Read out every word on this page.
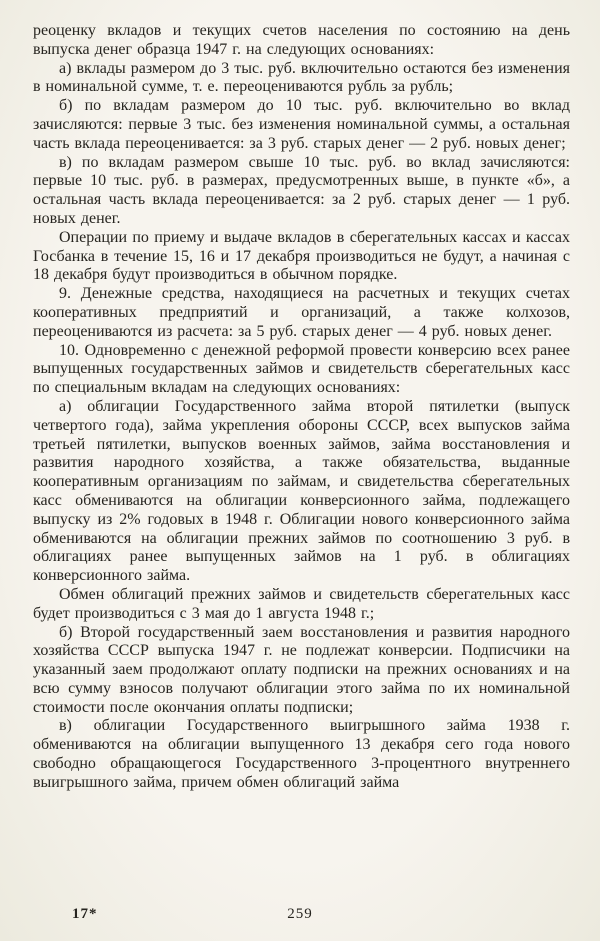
реоценку вкладов и текущих счетов населения по состоянию на день выпуска денег образца 1947 г. на следующих основаниях:

а) вклады размером до 3 тыс. руб. включительно остаются без изменения в номинальной сумме, т. е. переоцениваются рубль за рубль;

б) по вкладам размером до 10 тыс. руб. включительно во вклад зачисляются: первые 3 тыс. без изменения номинальной суммы, а остальная часть вклада переоценивается: за 3 руб. старых денег — 2 руб. новых денег;

в) по вкладам размером свыше 10 тыс. руб. во вклад зачисляются: первые 10 тыс. руб. в размерах, предусмотренных выше, в пункте «б», а остальная часть вклада переоценивается: за 2 руб. старых денег — 1 руб. новых денег.

Операции по приему и выдаче вкладов в сберегательных кассах и кассах Госбанка в течение 15, 16 и 17 декабря производиться не будут, а начиная с 18 декабря будут производиться в обычном порядке.

9. Денежные средства, находящиеся на расчетных и текущих счетах кооперативных предприятий и организаций, а также колхозов, переоцениваются из расчета: за 5 руб. старых денег — 4 руб. новых денег.

10. Одновременно с денежной реформой провести конверсию всех ранее выпущенных государственных займов и свидетельств сберегательных касс по специальным вкладам на следующих основаниях:

а) облигации Государственного займа второй пятилетки (выпуск четвертого года), займа укрепления обороны СССР, всех выпусков займа третьей пятилетки, выпусков военных займов, займа восстановления и развития народного хозяйства, а также обязательства, выданные кооперативным организациям по займам, и свидетельства сберегательных касс обмениваются на облигации конверсионного займа, подлежащего выпуску из 2% годовых в 1948 г. Облигации нового конверсионного займа обмениваются на облигации прежних займов по соотношению 3 руб. в облигациях ранее выпущенных займов на 1 руб. в облигациях конверсионного займа.

Обмен облигаций прежних займов и свидетельств сберегательных касс будет производиться с 3 мая до 1 августа 1948 г.;

б) Второй государственный заем восстановления и развития народного хозяйства СССР выпуска 1947 г. не подлежат конверсии. Подписчики на указанный заем продолжают оплату подписки на прежних основаниях и на всю сумму взносов получают облигации этого займа по их номинальной стоимости после окончания оплаты подписки;

в) облигации Государственного выигрышного займа 1938 г. обмениваются на облигации выпущенного 13 декабря сего года нового свободно обращающегося Государственного 3-процентного внутреннего выигрышного займа, причем обмен облигаций займа

17*	259
